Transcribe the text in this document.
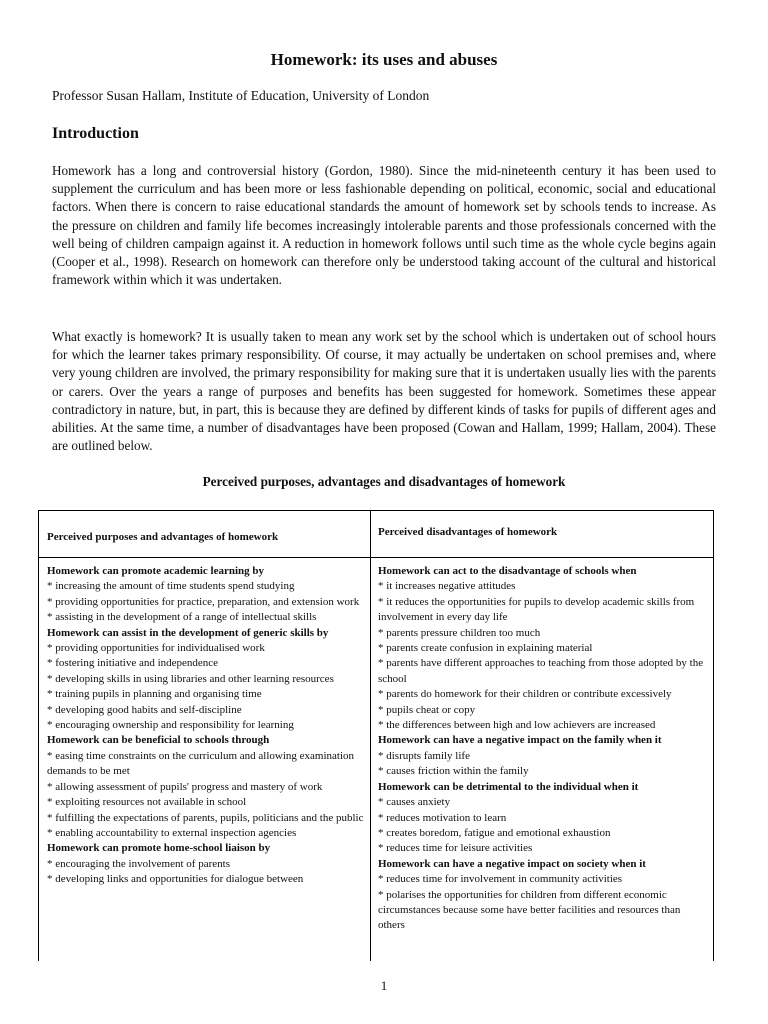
Homework: its uses and abuses
Professor Susan Hallam, Institute of Education, University of London
Introduction
Homework has a long and controversial history (Gordon, 1980). Since the mid-nineteenth century it has been used to supplement the curriculum and has been more or less fashionable depending on political, economic, social and educational factors. When there is concern to raise educational standards the amount of homework set by schools tends to increase. As the pressure on children and family life becomes increasingly intolerable parents and those professionals concerned with the well being of children campaign against it. A reduction in homework follows until such time as the whole cycle begins again (Cooper et al., 1998). Research on homework can therefore only be understood taking account of the cultural and historical framework within which it was undertaken.
What exactly is homework? It is usually taken to mean any work set by the school which is undertaken out of school hours for which the learner takes primary responsibility. Of course, it may actually be undertaken on school premises and, where very young children are involved, the primary responsibility for making sure that it is undertaken usually lies with the parents or carers. Over the years a range of purposes and benefits has been suggested for homework. Sometimes these appear contradictory in nature, but, in part, this is because they are defined by different kinds of tasks for pupils of different ages and abilities. At the same time, a number of disadvantages have been proposed (Cowan and Hallam, 1999; Hallam, 2004). These are outlined below.
Perceived purposes, advantages and disadvantages of homework
Perceived purposes and advantages of homework	Perceived disadvantages of homework
Homework can promote academic learning by
* increasing the amount of time students spend studying
* providing opportunities for practice, preparation, and extension work
* assisting in the development of a range of intellectual skills
Homework can assist in the development of generic skills by
* providing opportunities for individualised work
* fostering initiative and independence
* developing skills in using libraries and other learning resources
* training pupils in planning and organising time
* developing good habits and self-discipline
* encouraging ownership and responsibility for learning
Homework can be beneficial to schools through
* easing time constraints on the curriculum and allowing examination demands to be met
* allowing assessment of pupils' progress and mastery of work
* exploiting resources not available in school
* fulfilling the expectations of parents, pupils, politicians and the public
* enabling accountability to external inspection agencies
Homework can promote home-school liaison by
* encouraging the involvement of parents
* developing links and opportunities for dialogue between
Homework can act to the disadvantage of schools when
* it increases negative attitudes
* it reduces the opportunities for pupils to develop academic skills from involvement in every day life
* parents pressure children too much
* parents create confusion in explaining material
* parents have different approaches to teaching from those adopted by the school
* parents do homework for their children or contribute excessively
* pupils cheat or copy
* the differences between high and low achievers are increased
Homework can have a negative impact on the family when it
* disrupts family life
* causes friction within the family
Homework can be detrimental to the individual when it
* causes anxiety
* reduces motivation to learn
* creates boredom, fatigue and emotional exhaustion
* reduces time for leisure activities
Homework can have a negative impact on society when it
* reduces time for involvement in community activities
* polarises the opportunities for children from different economic circumstances because some have better facilities and resources than others
1
